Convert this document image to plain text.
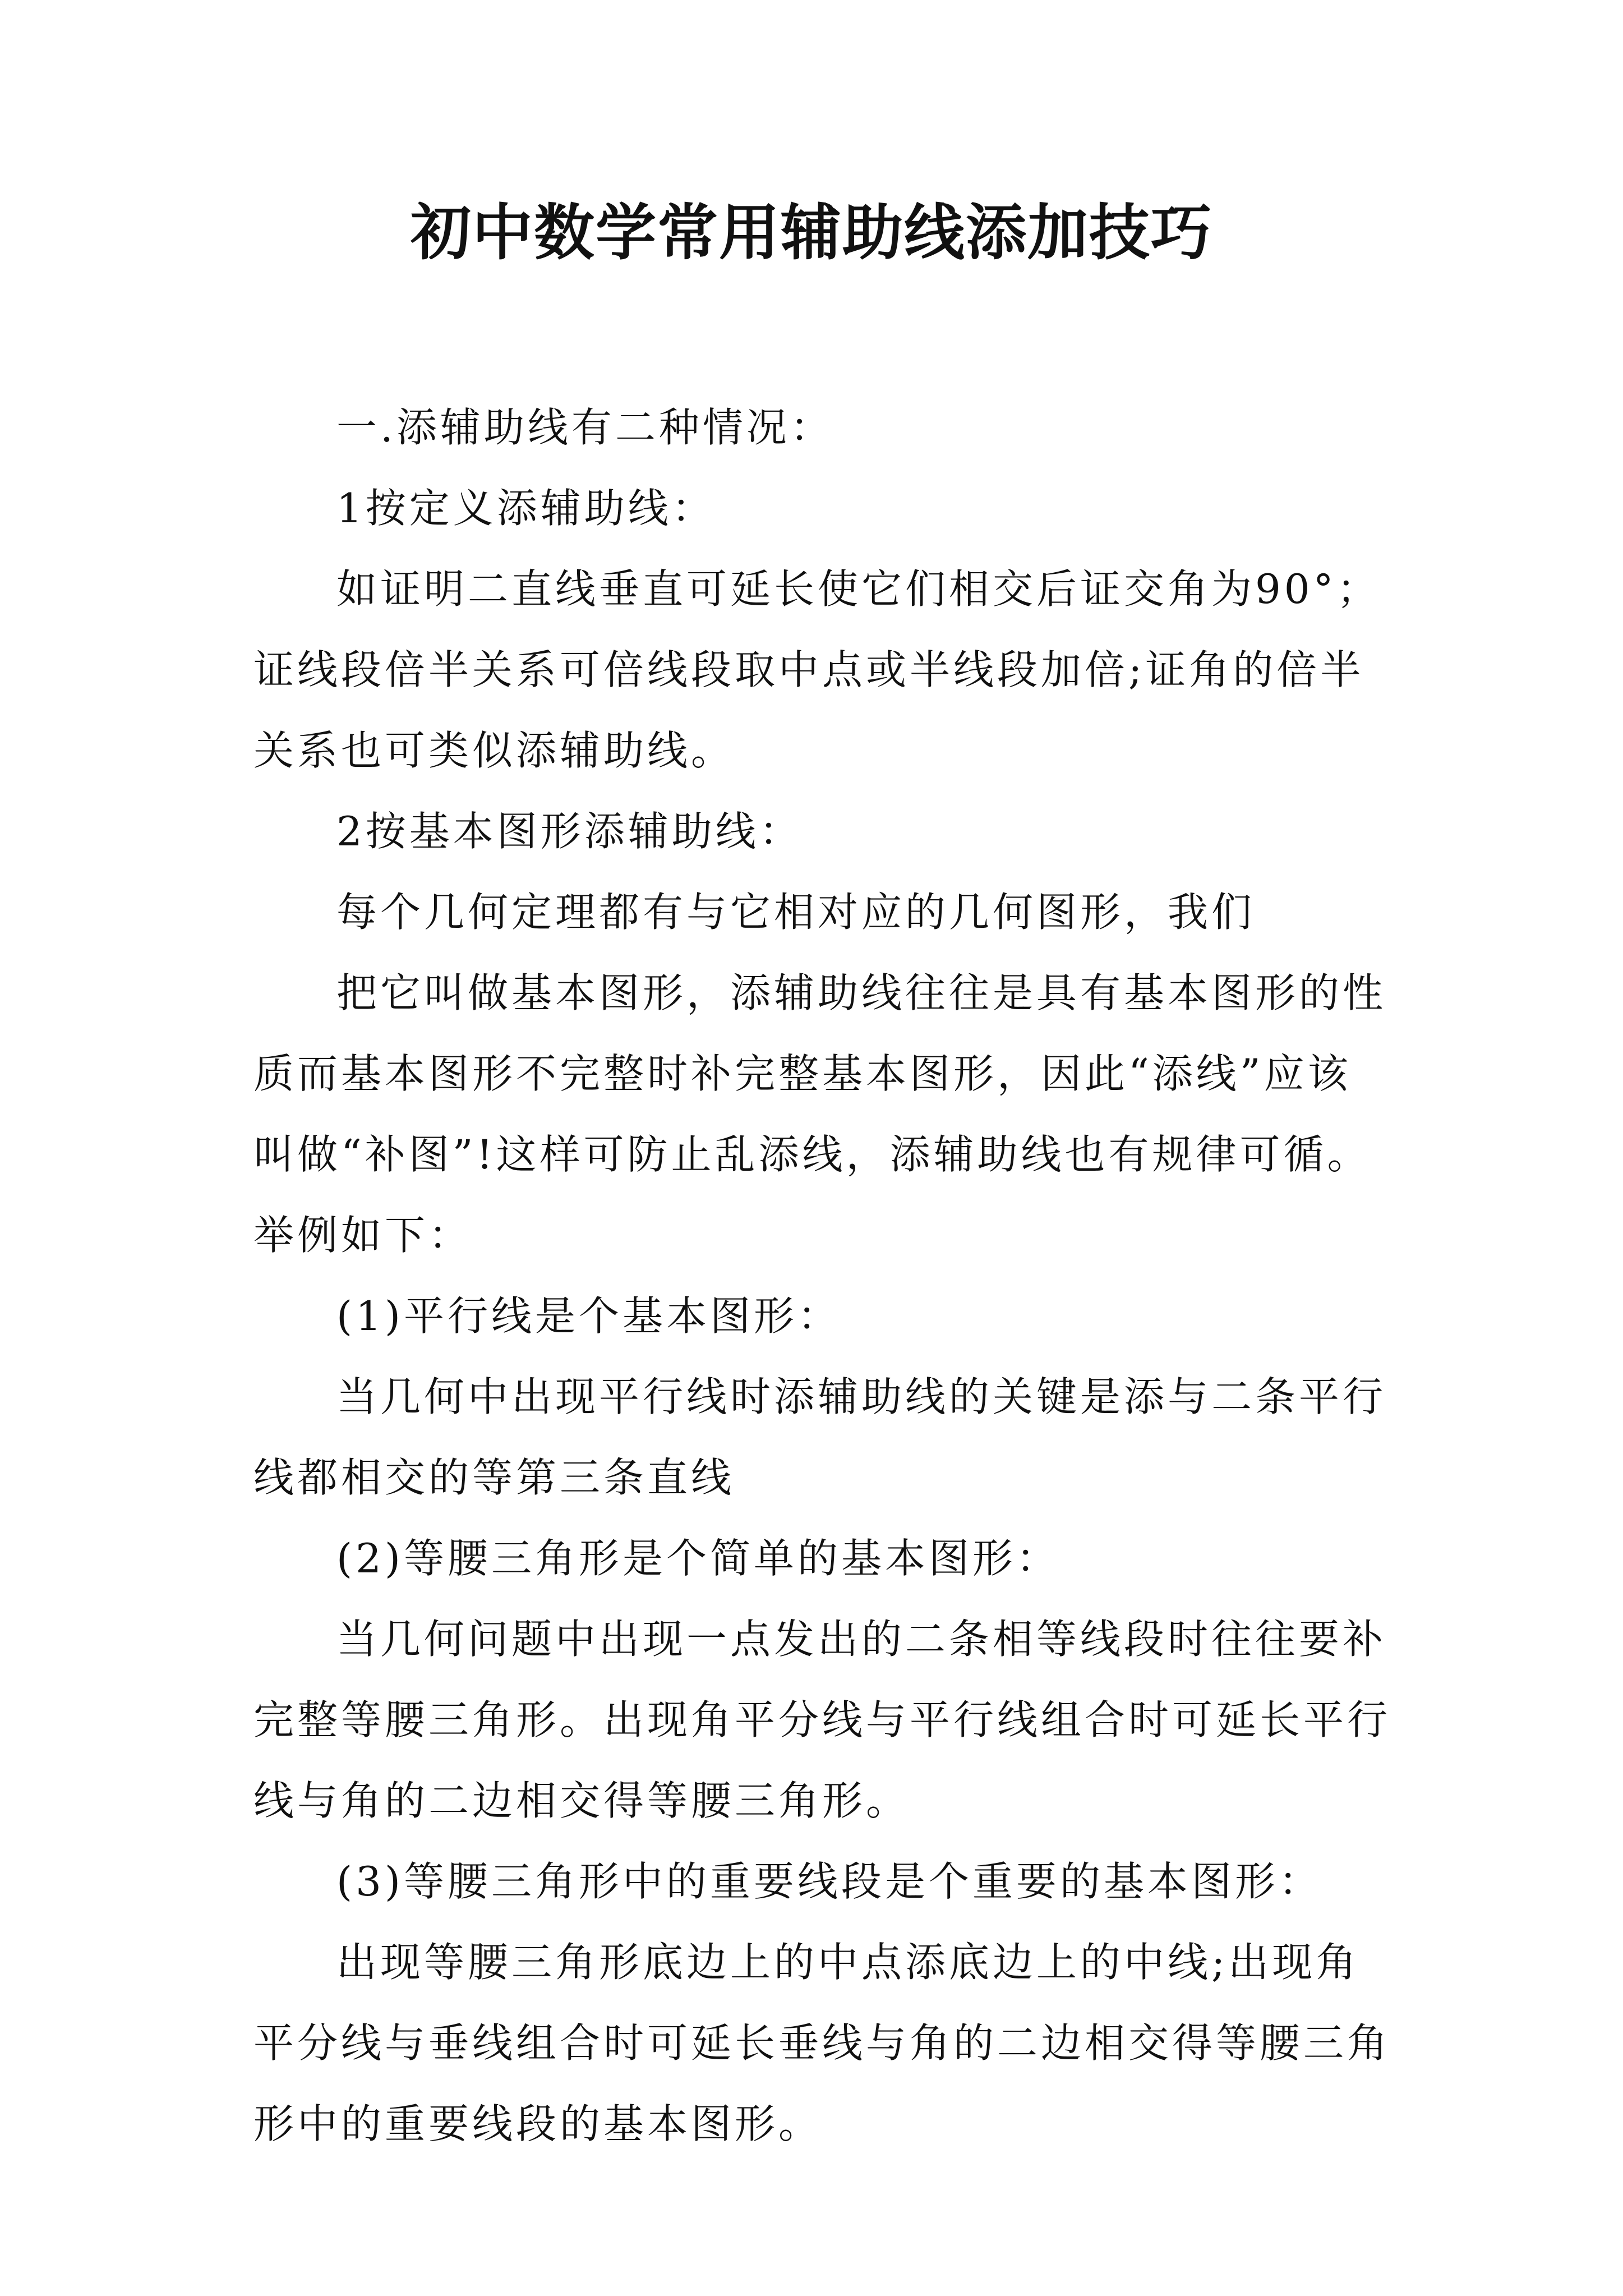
初中数学常用辅助线添加技巧

一.添辅助线有二种情况：

1按定义添辅助线：

如证明二直线垂直可延长使它们相交后证交角为90°；证线段倍半关系可倍线段取中点或半线段加倍;证角的倍半关系也可类似添辅助线。

2按基本图形添辅助线：

每个几何定理都有与它相对应的几何图形，我们

把它叫做基本图形，添辅助线往往是具有基本图形的性质而基本图形不完整时补完整基本图形，因此“添线”应该叫做“补图”!这样可防止乱添线，添辅助线也有规律可循。举例如下：

(1)平行线是个基本图形：

当几何中出现平行线时添辅助线的关键是添与二条平行线都相交的等第三条直线

(2)等腰三角形是个简单的基本图形：

当几何问题中出现一点发出的二条相等线段时往往要补完整等腰三角形。出现角平分线与平行线组合时可延长平行线与角的二边相交得等腰三角形。

(3)等腰三角形中的重要线段是个重要的基本图形：

出现等腰三角形底边上的中点添底边上的中线;出现角平分线与垂线组合时可延长垂线与角的二边相交得等腰三角形中的重要线段的基本图形。
